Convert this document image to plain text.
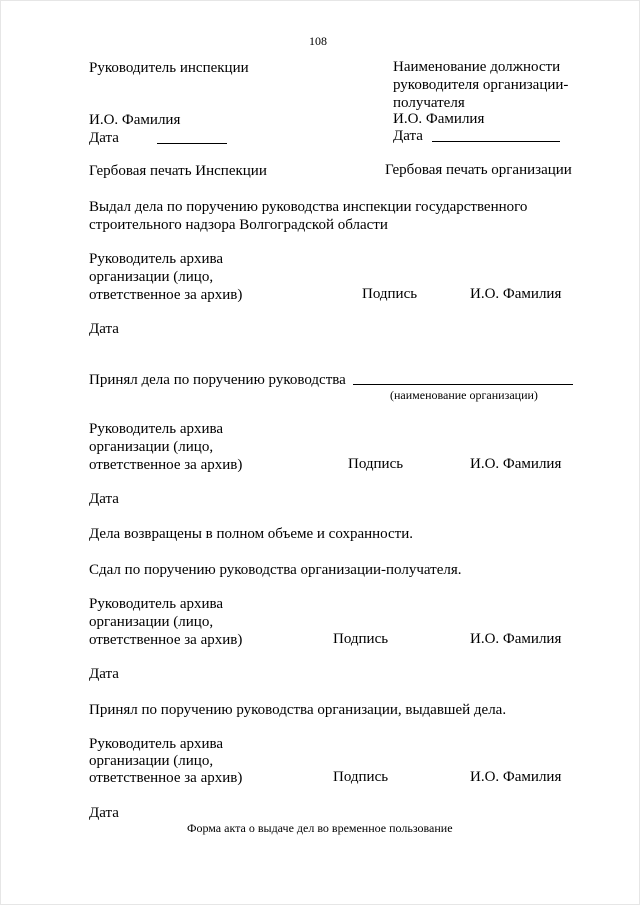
108
Руководитель инспекции	Наименование должности
руководителя организации-
получателя
И.О. Фамилия	И.О. Фамилия
Дата	Дата
Гербовая печать Инспекции	Гербовая печать организации
Выдал дела по поручению руководства инспекции государственного
строительного надзора Волгоградской области
Руководитель архива
организации (лицо,
ответственное за архив)	Подпись	И.О. Фамилия
Дата
Принял дела по поручению руководства
(наименование организации)
Руководитель архива
организации (лицо,
ответственное за архив)	Подпись	И.О. Фамилия
Дата
Дела возвращены в полном объеме и сохранности.
Сдал по поручению руководства организации-получателя.
Руководитель архива
организации (лицо,
ответственное за архив)	Подпись	И.О. Фамилия
Дата
Принял по поручению руководства организации, выдавшей дела.
Руководитель архива
организации (лицо,
ответственное за архив)	Подпись	И.О. Фамилия
Дата
Форма акта о выдаче дел во временное пользование
